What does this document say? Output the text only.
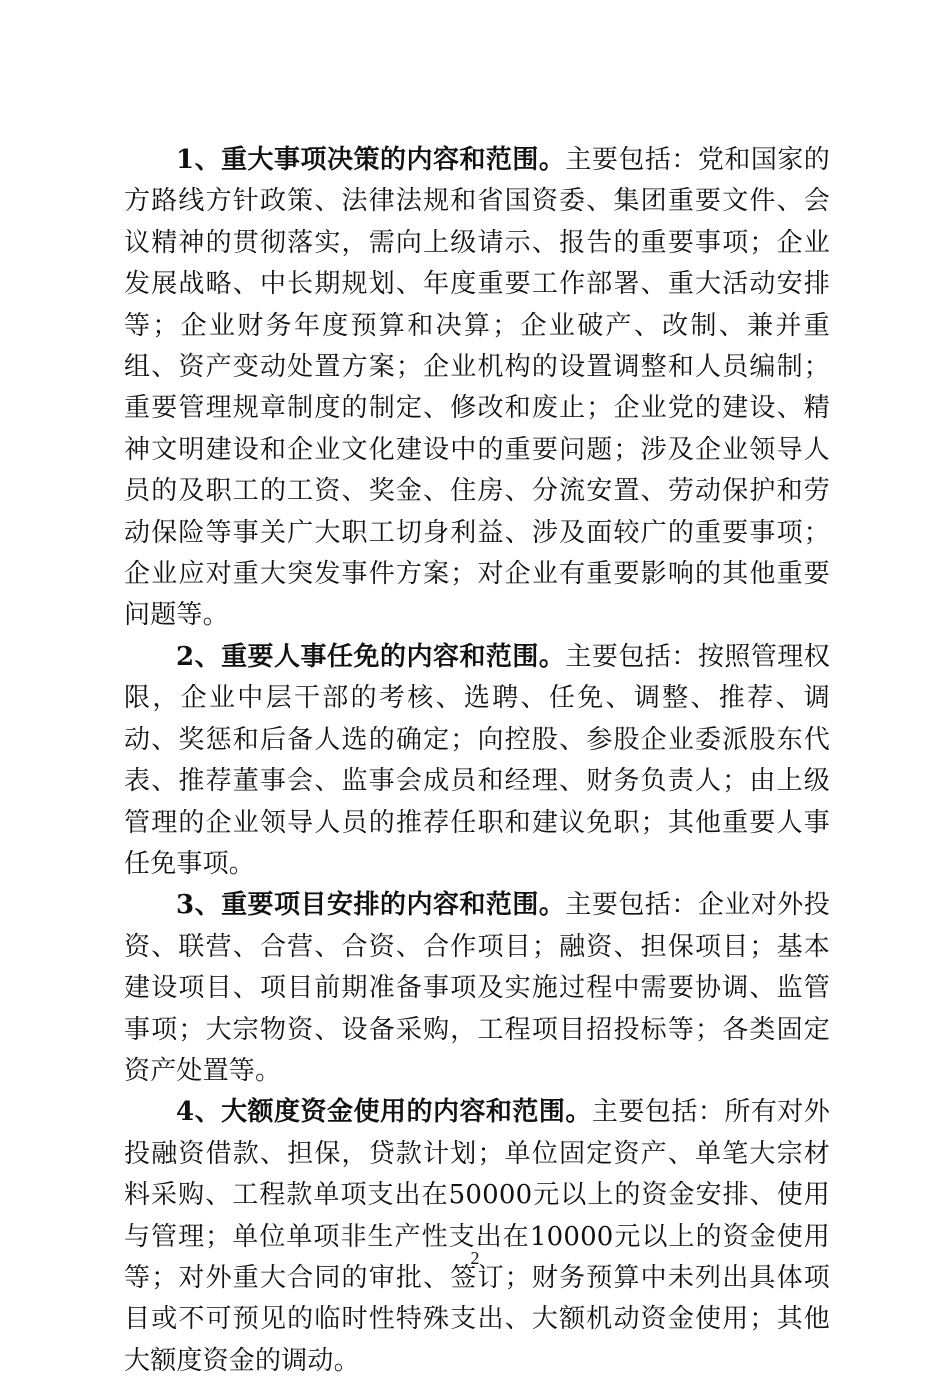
1、重大事项决策的内容和范围。主要包括：党和国家的方路线方针政策、法律法规和省国资委、集团重要文件、会议精神的贯彻落实，需向上级请示、报告的重要事项；企业发展战略、中长期规划、年度重要工作部署、重大活动安排等；企业财务年度预算和决算；企业破产、改制、兼并重组、资产变动处置方案；企业机构的设置调整和人员编制；重要管理规章制度的制定、修改和废止；企业党的建设、精神文明建设和企业文化建设中的重要问题；涉及企业领导人员的及职工的工资、奖金、住房、分流安置、劳动保护和劳动保险等事关广大职工切身利益、涉及面较广的重要事项；企业应对重大突发事件方案；对企业有重要影响的其他重要问题等。

2、重要人事任免的内容和范围。主要包括：按照管理权限，企业中层干部的考核、选聘、任免、调整、推荐、调动、奖惩和后备人选的确定；向控股、参股企业委派股东代表、推荐董事会、监事会成员和经理、财务负责人；由上级管理的企业领导人员的推荐任职和建议免职；其他重要人事任免事项。

3、重要项目安排的内容和范围。主要包括：企业对外投资、联营、合营、合资、合作项目；融资、担保项目；基本建设项目、项目前期准备事项及实施过程中需要协调、监管事项；大宗物资、设备采购，工程项目招投标等；各类固定资产处置等。

4、大额度资金使用的内容和范围。主要包括：所有对外投融资借款、担保，贷款计划；单位固定资产、单笔大宗材料采购、工程款单项支出在50000元以上的资金安排、使用与管理；单位单项非生产性支出在10000元以上的资金使用等；对外重大合同的审批、签订；财务预算中未列出具体项目或不可预见的临时性特殊支出、大额机动资金使用；其他大额度资金的调动。

2
